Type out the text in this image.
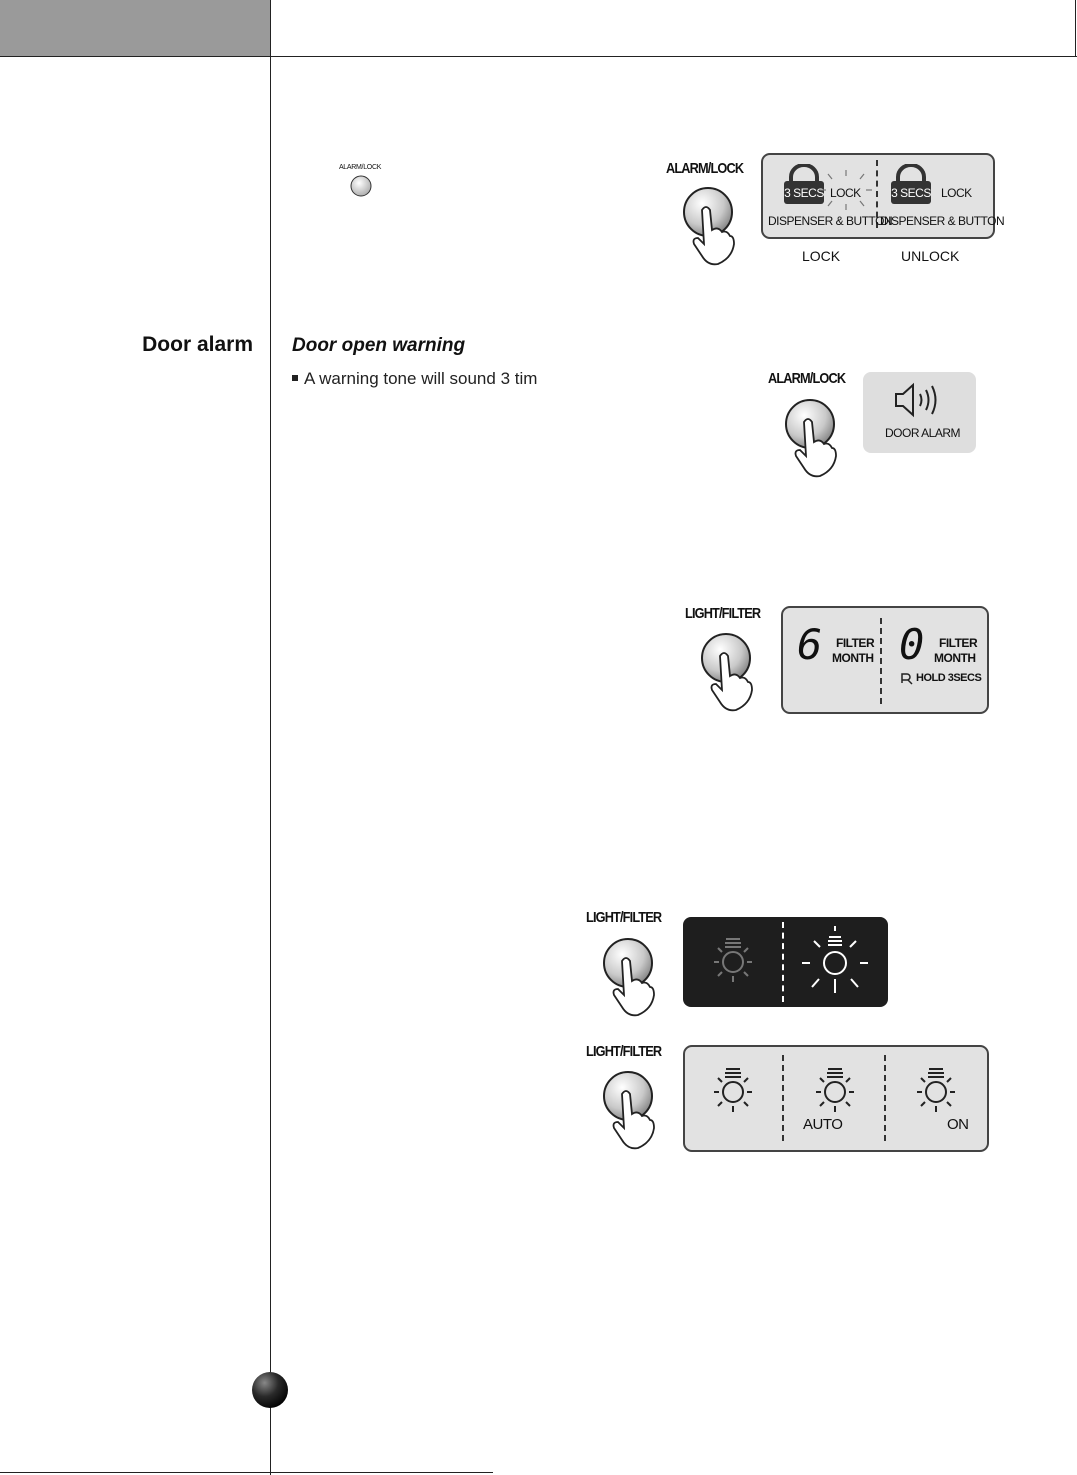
ALARM/LOCK	ALARM/LOCK
3 SECS LOCK
DISPENSER & BUTTON
3 SECS LOCK
DISPENSER & BUTTON
LOCK	UNLOCK
Door alarm Door open warning
A warning tone will sound 3 tim	ALARM/LOCK
DOOR ALARM
LIGHT/FILTER
6 FILTER
MONTH 0 FILTER
MONTH
HOLD 3SECS
LIGHT/FILTER
LIGHT/FILTER
AUTO	ON
